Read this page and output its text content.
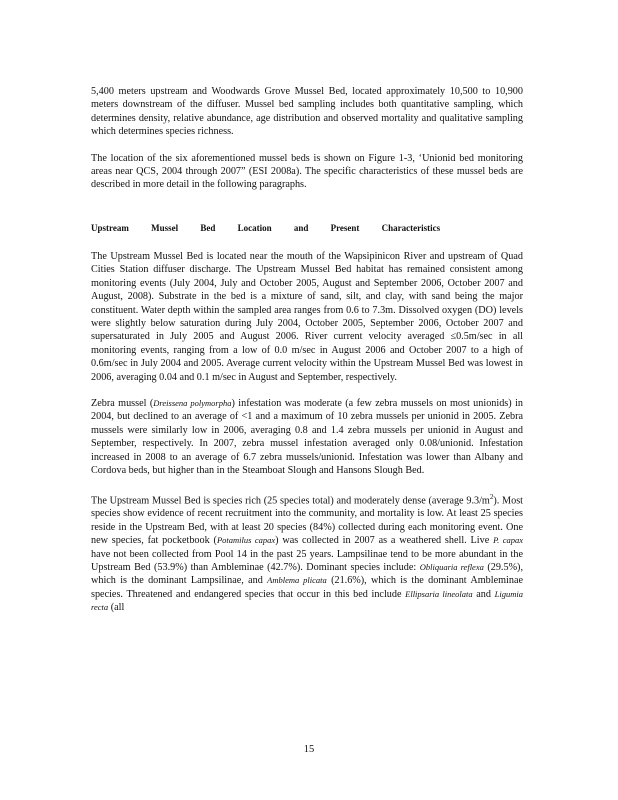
5,400 meters upstream and Woodwards Grove Mussel Bed, located approximately 10,500 to 10,900 meters downstream of the diffuser. Mussel bed sampling includes both quantitative sampling, which determines density, relative abundance, age distribution and observed mortality and qualitative sampling which determines species richness.

The location of the six aforementioned mussel beds is shown on Figure 1-3, ‘Unionid bed monitoring areas near QCS, 2004 through 2007” (ESI 2008a). The specific characteristics of these mussel beds are described in more detail in the following paragraphs.

Upstream Mussel Bed Location and Present Characteristics

The Upstream Mussel Bed is located near the mouth of the Wapsipinicon River and upstream of Quad Cities Station diffuser discharge. The Upstream Mussel Bed habitat has remained consistent among monitoring events (July 2004, July and October 2005, August and September 2006, October 2007 and August, 2008). Substrate in the bed is a mixture of sand, silt, and clay, with sand being the major constituent. Water depth within the sampled area ranges from 0.6 to 7.3m. Dissolved oxygen (DO) levels were slightly below saturation during July 2004, October 2005, September 2006, October 2007 and supersaturated in July 2005 and August 2006. River current velocity averaged ≤0.5m/sec in all monitoring events, ranging from a low of 0.0 m/sec in August 2006 and October 2007 to a high of 0.6m/sec in July 2004 and 2005. Average current velocity within the Upstream Mussel Bed was lowest in 2006, averaging 0.04 and 0.1 m/sec in August and September, respectively.

Zebra mussel (Dreissena polymorpha) infestation was moderate (a few zebra mussels on most unionids) in 2004, but declined to an average of <1 and a maximum of 10 zebra mussels per unionid in 2005. Zebra mussels were similarly low in 2006, averaging 0.8 and 1.4 zebra mussels per unionid in August and September, respectively. In 2007, zebra mussel infestation averaged only 0.08/unionid. Infestation increased in 2008 to an average of 6.7 zebra mussels/unionid. Infestation was lower than Albany and Cordova beds, but higher than in the Steamboat Slough and Hansons Slough Bed.

The Upstream Mussel Bed is species rich (25 species total) and moderately dense (average $9.3/m^2$). Most species show evidence of recent recruitment into the community, and mortality is low. At least 25 species reside in the Upstream Bed, with at least 20 species (84%) collected during each monitoring event. One new species, fat pocketbook (Potamilus capax) was collected in 2007 as a weathered shell. Live P. capax have not been collected from Pool 14 in the past 25 years. Lampsilinae tend to be more abundant in the Upstream Bed (53.9%) than Ambleminae (42.7%). Dominant species include: Obliquaria reflexa (29.5%), which is the dominant Lampsilinae, and Amblema plicata (21.6%), which is the dominant Ambleminae species. Threatened and endangered species that occur in this bed include Ellipsaria lineolata and Ligumia recta (all

15
